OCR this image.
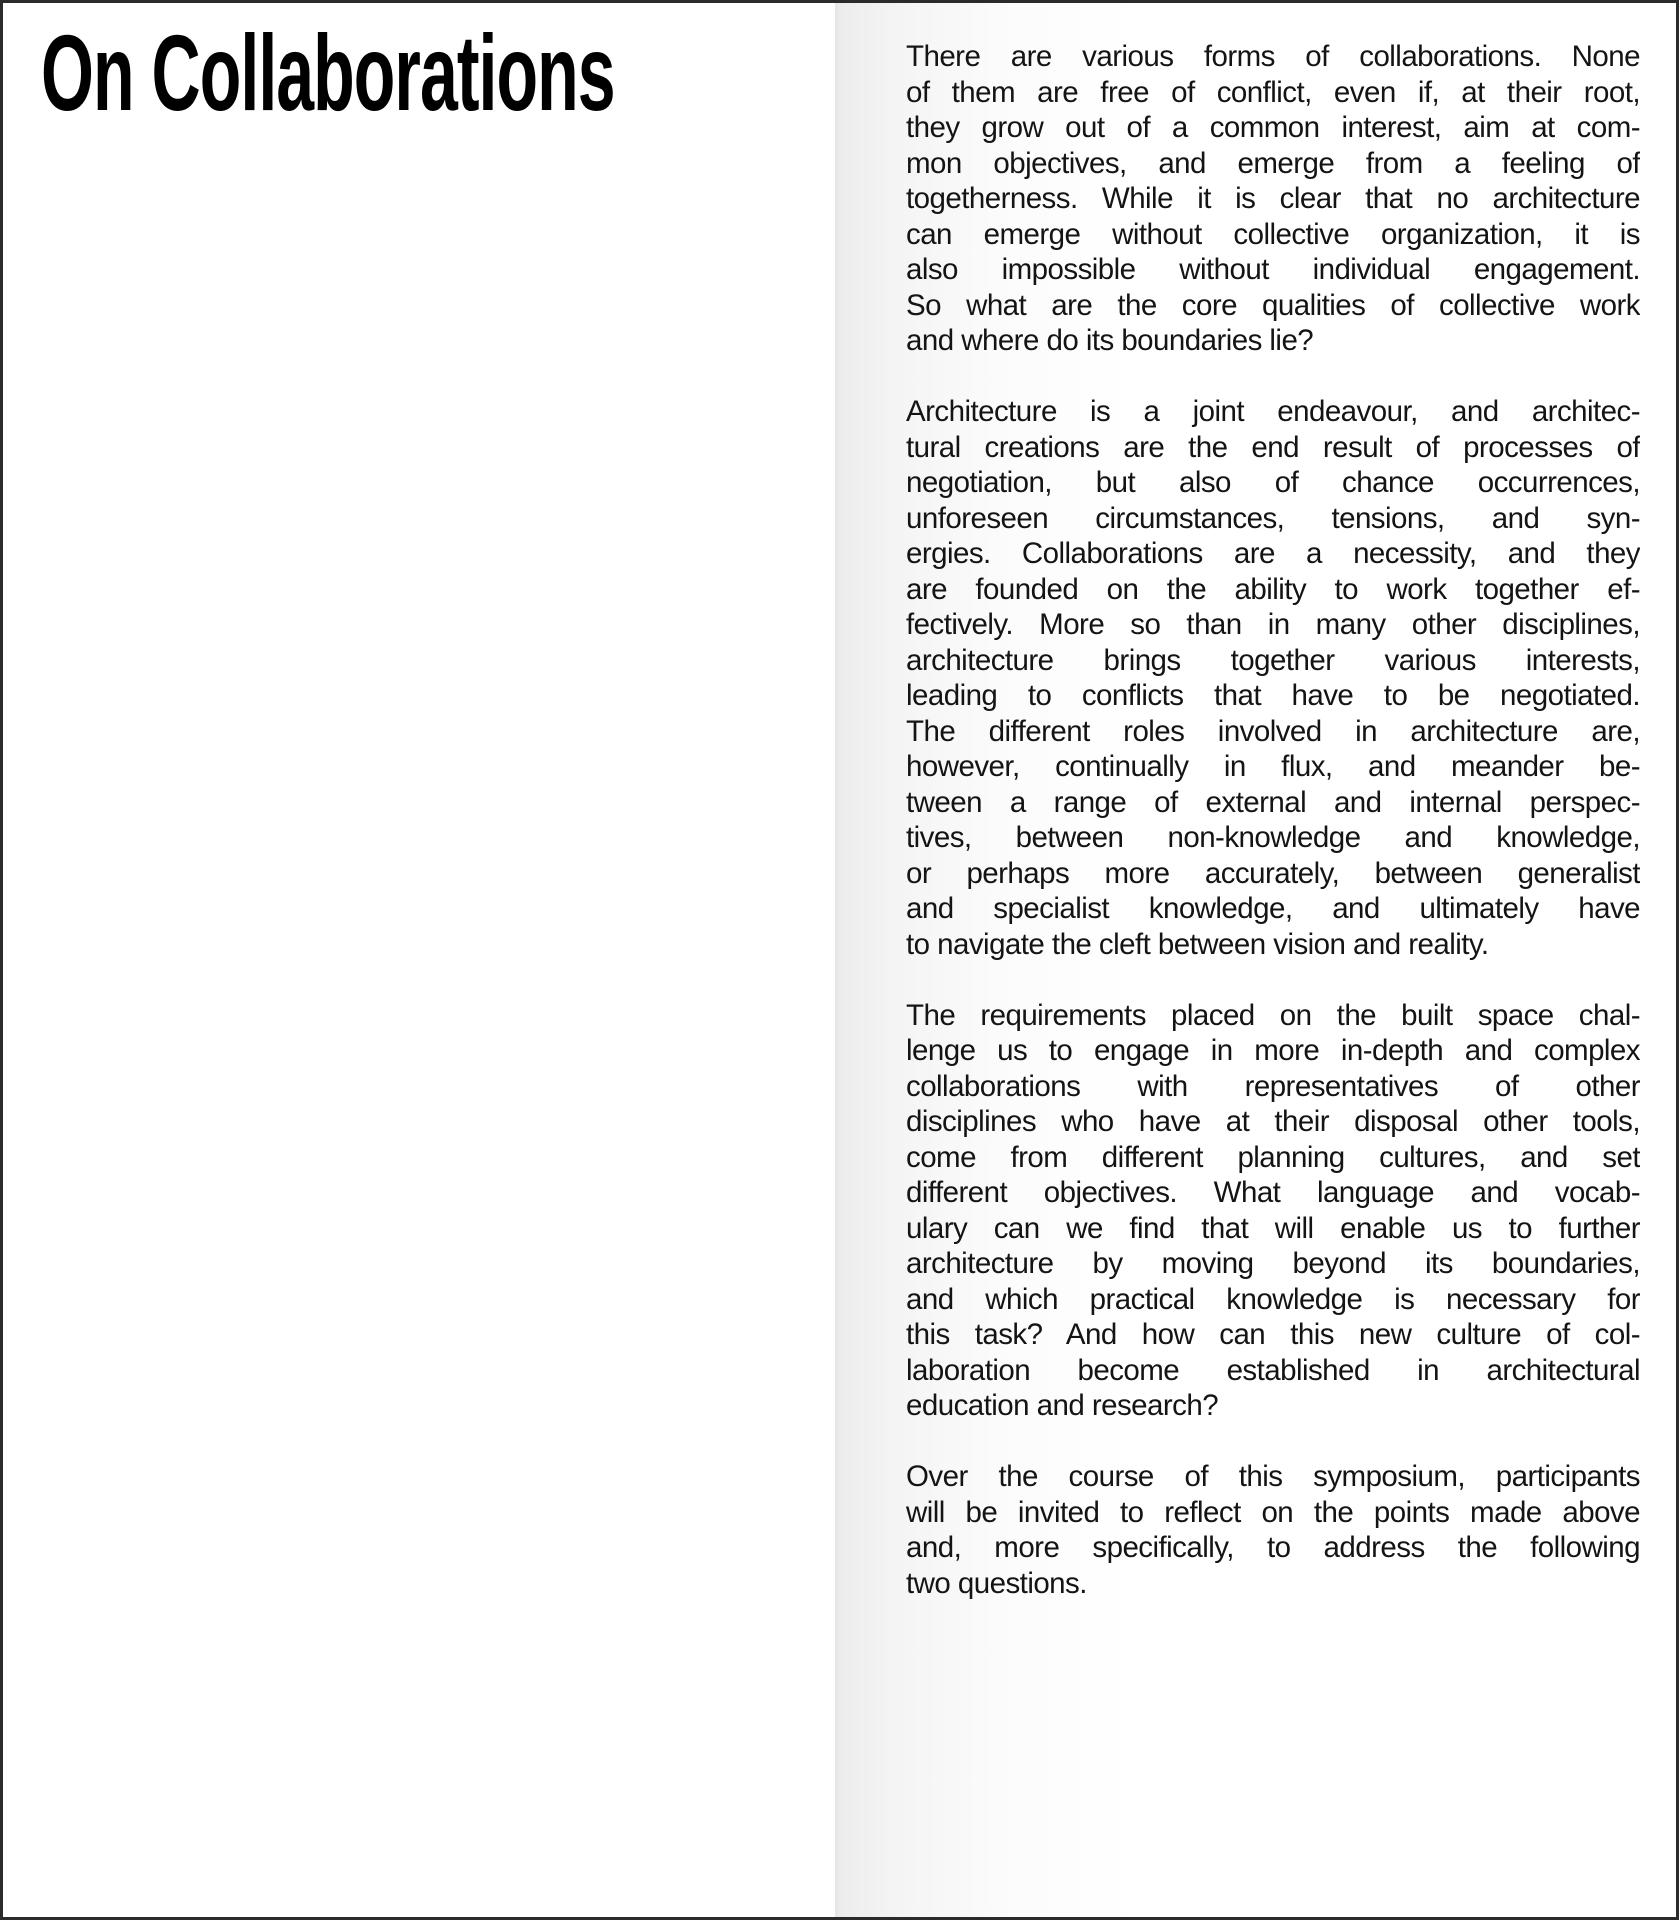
On Collaborations	There are various forms of collaborations. None
of them are free of conflict, even if, at their root,
they grow out of a common interest, aim at com-
mon objectives, and emerge from a feeling of
togetherness. While it is clear that no architecture
can emerge without collective organization, it is
also impossible without individual engagement.
So what are the core qualities of collective work
and where do its boundaries lie?
Architecture is a joint endeavour, and architec-
tural creations are the end result of processes of
negotiation, but also of chance occurrences,
unforeseen circumstances, tensions, and syn-
ergies. Collaborations are a necessity, and they
are founded on the ability to work together ef-
fectively. More so than in many other disciplines,
architecture brings together various interests,
leading to conflicts that have to be negotiated.
The different roles involved in architecture are,
however, continually in flux, and meander be-
tween a range of external and internal perspec-
tives, between non-knowledge and knowledge,
or perhaps more accurately, between generalist
and specialist knowledge, and ultimately have
to navigate the cleft between vision and reality.
The requirements placed on the built space chal-
lenge us to engage in more in-depth and complex
collaborations with representatives of other
disciplines who have at their disposal other tools,
come from different planning cultures, and set
different objectives. What language and vocab-
ulary can we find that will enable us to further
architecture by moving beyond its boundaries,
and which practical knowledge is necessary for
this task? And how can this new culture of col-
laboration become established in architectural
education and research?
Over the course of this symposium, participants
will be invited to reflect on the points made above
and, more specifically, to address the following
two questions.
